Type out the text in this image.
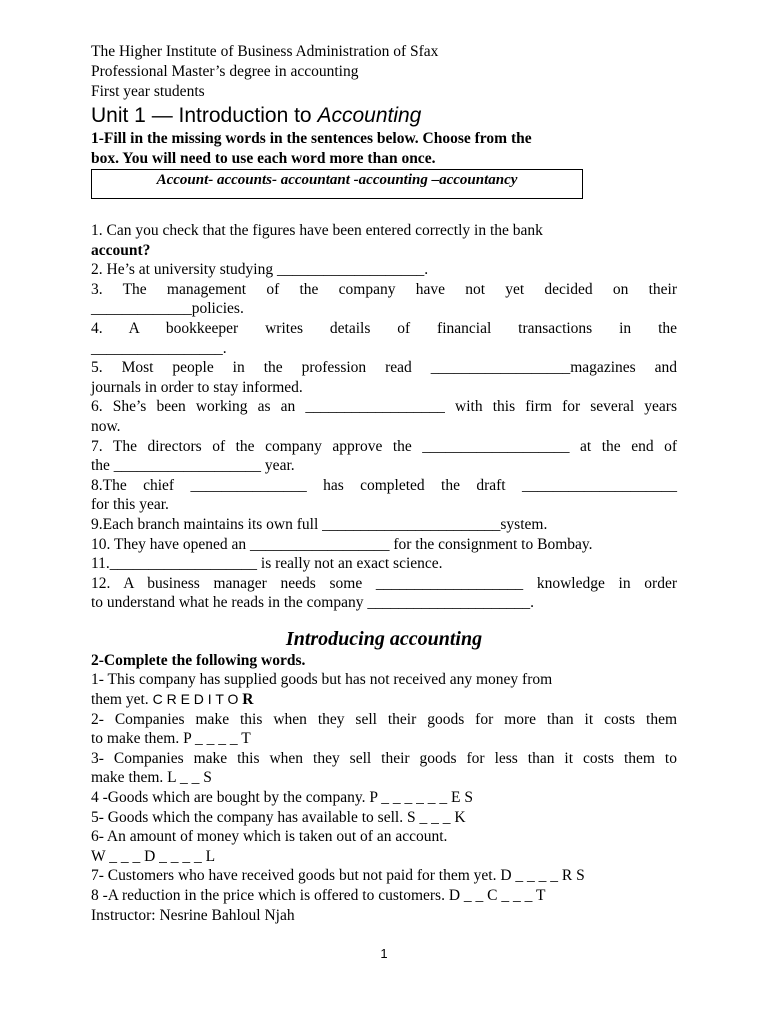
The Higher Institute of Business Administration of Sfax
Professional Master’s degree in accounting
First year students
Unit 1 — Introduction to Accounting
1-Fill in the missing words in the sentences below. Choose from the
box. You will need to use each word more than once.
Account- accounts- accountant -accounting –accountancy
1. Can you check that the figures have been entered correctly in the bank
account?
2. He’s at university studying ___________________.
3. The management of the company have not yet decided on their
_____________policies.
4. A bookkeeper writes details of financial transactions in the
_________________.
5. Most people in the profession read __________________magazines and
journals in order to stay informed.
6. She’s been working as an __________________ with this firm for several years
now.
7. The directors of the company approve the ___________________ at the end of
the ___________________ year.
8.The chief _______________ has completed the draft ____________________
for this year.
9.Each branch maintains its own full _______________________system.
10. They have opened an __________________ for the consignment to Bombay.
11.___________________ is really not an exact science.
12. A business manager needs some ___________________ knowledge in order
to understand what he reads in the company _____________________.
Introducing accounting
2-Complete the following words.
1- This company has supplied goods but has not received any money from
them yet. C R E D I T O R
2- Companies make this when they sell their goods for more than it costs them
to make them. P _ _ _ _ T
3- Companies make this when they sell their goods for less than it costs them to
make them. L _ _ S
4 -Goods which are bought by the company. P _ _ _ _ _ _ E S
5- Goods which the company has available to sell. S _ _ _ K
6- An amount of money which is taken out of an account.
W _ _ _ D _ _ _ _ L
7- Customers who have received goods but not paid for them yet. D _ _ _ _ R S
8 -A reduction in the price which is offered to customers. D _ _ C _ _ _ T
Instructor: Nesrine Bahloul Njah
1
